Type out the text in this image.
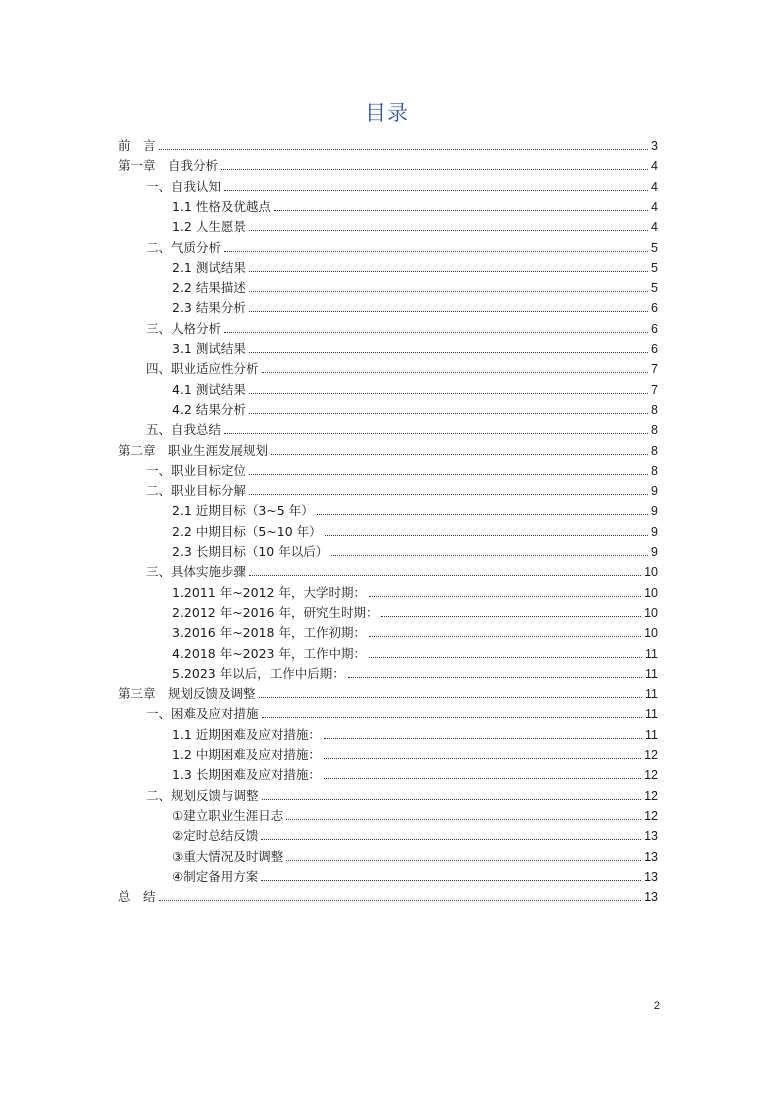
目录
前　言	3
第一章　自我分析	4
一、自我认知	4
1.1 性格及优越点	4
1.2 人生愿景	4
二、气质分析	5
2.1 测试结果	5
2.2 结果描述	5
2.3 结果分析	6
三、人格分析	6
3.1 测试结果	6
四、职业适应性分析	7
4.1 测试结果	7
4.2 结果分析	8
五、自我总结	8
第二章　职业生涯发展规划	8
一、职业目标定位	8
二、职业目标分解	9
2.1 近期目标（3~5 年）	9
2.2 中期目标（5~10 年）	9
2.3 长期目标（10 年以后）	9
三、具体实施步骤	10
1.2011 年~2012 年，大学时期：	10
2.2012 年~2016 年，研究生时期：	10
3.2016 年~2018 年，工作初期：	10
4.2018 年~2023 年，工作中期：	11
5.2023 年以后，工作中后期：	11
第三章　规划反馈及调整	11
一、困难及应对措施	11
1.1 近期困难及应对措施：	11
1.2 中期困难及应对措施：	12
1.3 长期困难及应对措施：	12
二、规划反馈与调整	12
①建立职业生涯日志	12
②定时总结反馈	13
③重大情况及时调整	13
④制定备用方案	13
总　结	13
2
